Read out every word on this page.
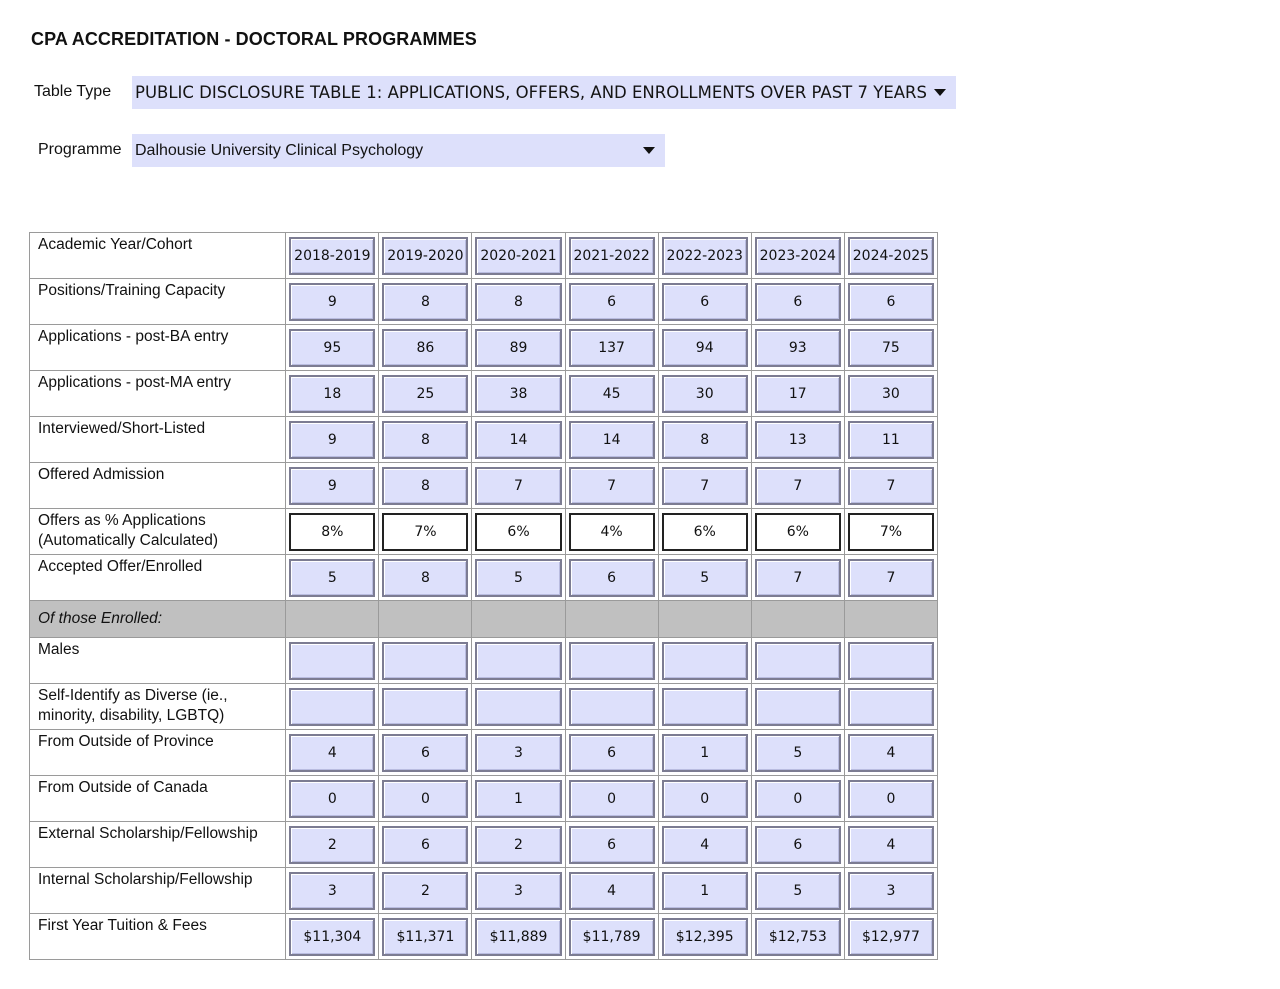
CPA ACCREDITATION - DOCTORAL PROGRAMMES
Table Type PUBLIC DISCLOSURE TABLE 1: APPLICATIONS, OFFERS, AND ENROLLMENTS OVER PAST 7 YEARS
Programme Dalhousie University Clinical Psychology
Academic Year/Cohort	2018-2019	2019-2020	2020-2021	2021-2022	2022-2023	2023-2024	2024-2025

Positions/Training Capacity	9	8	8	6	6	6	6

Applications - post-BA entry	95	86	89	137	94	93	75

Applications - post-MA entry	18	25	38	45	30	17	30

Interviewed/Short-Listed	9	8	14	14	8	13	11

Offered Admission	9	8	7	7	7	7	7

Offers as % Applications (Automatically Calculated)	8%	7%	6%	4%	6%	6%	7%

Accepted Offer/Enrolled	5	8	5	6	5	7	7

Of those Enrolled:							
Males	

Self-Identify as Diverse (ie., minority, disability, LGBTQ)	

From Outside of Province	4	6	3	6	1	5	4

From Outside of Canada	0	0	1	0	0	0	0

External Scholarship/Fellowship	2	6	2	6	4	6	4

Internal Scholarship/Fellowship	3	2	3	4	1	5	3

First Year Tuition & Fees	$11,304	$11,371	$11,889	$11,789	$12,395	$12,753	$12,977
